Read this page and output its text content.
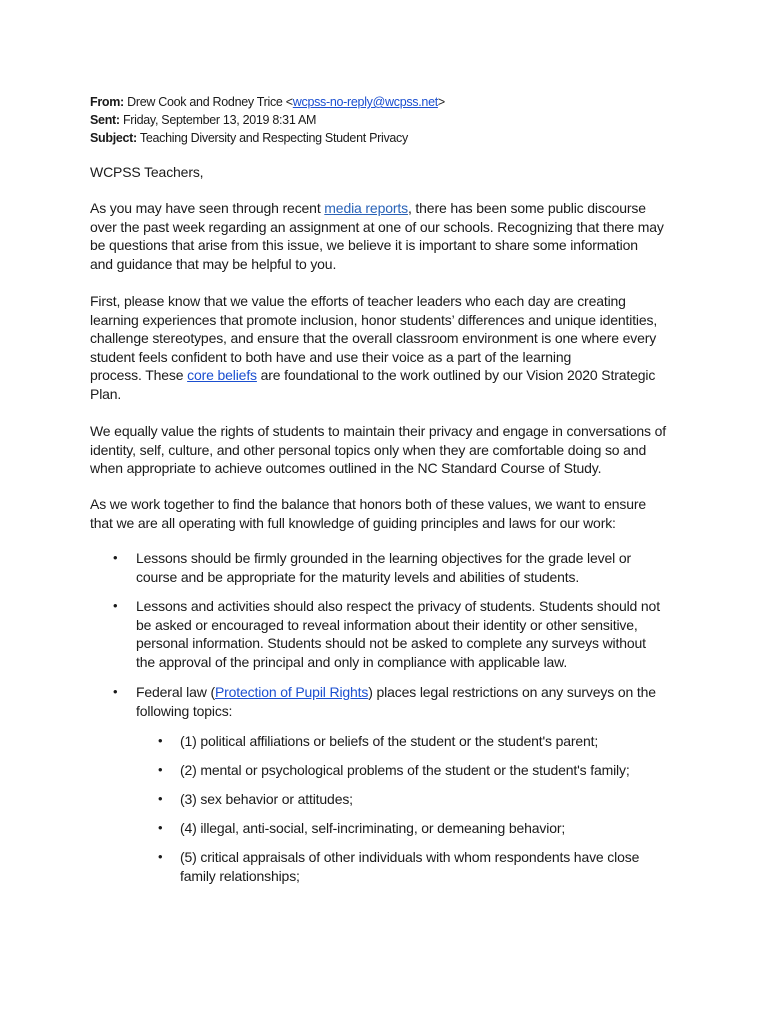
From: Drew Cook and Rodney Trice <wcpss-no-reply@wcpss.net>
Sent: Friday, September 13, 2019 8:31 AM
Subject: Teaching Diversity and Respecting Student Privacy
WCPSS Teachers,
As you may have seen through recent media reports, there has been some public discourse
over the past week regarding an assignment at one of our schools. Recognizing that there may
be questions that arise from this issue, we believe it is important to share some information
and guidance that may be helpful to you.
First, please know that we value the efforts of teacher leaders who each day are creating
learning experiences that promote inclusion, honor students’ differences and unique identities,
challenge stereotypes, and ensure that the overall classroom environment is one where every
student feels confident to both have and use their voice as a part of the learning
process. These core beliefs are foundational to the work outlined by our Vision 2020 Strategic
Plan.
We equally value the rights of students to maintain their privacy and engage in conversations of
identity, self, culture, and other personal topics only when they are comfortable doing so and
when appropriate to achieve outcomes outlined in the NC Standard Course of Study.
As we work together to find the balance that honors both of these values, we want to ensure
that we are all operating with full knowledge of guiding principles and laws for our work:
• Lessons should be firmly grounded in the learning objectives for the grade level or
course and be appropriate for the maturity levels and abilities of students.
• Lessons and activities should also respect the privacy of students. Students should not
be asked or encouraged to reveal information about their identity or other sensitive,
personal information. Students should not be asked to complete any surveys without
the approval of the principal and only in compliance with applicable law.
• Federal law (Protection of Pupil Rights) places legal restrictions on any surveys on the
following topics:
• (1) political affiliations or beliefs of the student or the student's parent;
• (2) mental or psychological problems of the student or the student's family;
• (3) sex behavior or attitudes;
• (4) illegal, anti-social, self-incriminating, or demeaning behavior;
• (5) critical appraisals of other individuals with whom respondents have close
family relationships;
